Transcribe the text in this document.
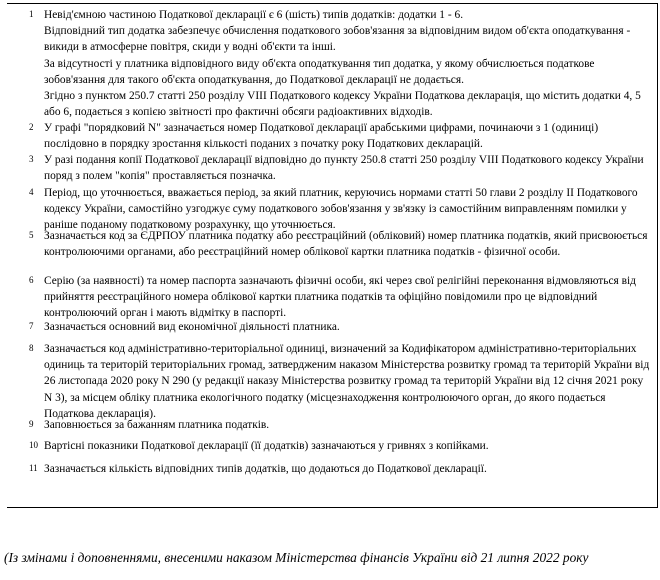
1 Невід'ємною частиною Податкової декларації є 6 (шість) типів додатків: додатки 1 - 6.
Відповідний тип додатка забезпечує обчислення податкового зобов'язання за відповідним видом об'єкта оподаткування - викиди в атмосферне повітря, скиди у водні об'єкти та інші.
За відсутності у платника відповідного виду об'єкта оподаткування тип додатка, у якому обчислюється податкове зобов'язання для такого об'єкта оподаткування, до Податкової декларації не додається.
Згідно з пунктом 250.7 статті 250 розділу VIII Податкового кодексу України Податкова декларація, що містить додатки 4, 5 або 6, подається з копією звітності про фактичні обсяги радіоактивних відходів.
2 У графі "порядковий N" зазначається номер Податкової декларації арабськими цифрами, починаючи з 1 (одиниці) послідовно в порядку зростання кількості поданих з початку року Податкових декларацій.
3 У разі подання копії Податкової декларації відповідно до пункту 250.8 статті 250 розділу VIII Податкового кодексу України поряд з полем "копія" проставляється позначка.
4 Період, що уточнюється, вважається період, за який платник, керуючись нормами статті 50 глави 2 розділу II Податкового кодексу України, самостійно узгоджує суму податкового зобов'язання у зв'язку із самостійним виправленням помилки у раніше поданому податковому розрахунку, що уточнюється.
5 Зазначається код за ЄДРПОУ платника податку або реєстраційний (обліковий) номер платника податків, який присвоюється контролюючими органами, або реєстраційний номер облікової картки платника податків - фізичної особи.
6 Серію (за наявності) та номер паспорта зазначають фізичні особи, які через свої релігійні переконання відмовляються від прийняття реєстраційного номера облікової картки платника податків та офіційно повідомили про це відповідний контролюючий орган і мають відмітку в паспорті.
7 Зазначається основний вид економічної діяльності платника.
8 Зазначається код адміністративно-територіальної одиниці, визначений за Кодифікатором адміністративно-територіальних одиниць та територій територіальних громад, затвердженим наказом Міністерства розвитку громад та територій України від 26 листопада 2020 року N 290 (у редакції наказу Міністерства розвитку громад та територій України від 12 січня 2021 року N 3), за місцем обліку платника екологічного податку (місцезнаходження контролюючого орган, до якого подається Податкова декларація).
9 Заповнюється за бажанням платника податків.
10 Вартісні показники Податкової декларації (її додатків) зазначаються у гривнях з копійками.
11 Зазначається кількість відповідних типів додатків, що додаються до Податкової декларації.
(Із змінами і доповненнями, внесеними наказом Міністерства фінансів України від 21 липня 2022 року
